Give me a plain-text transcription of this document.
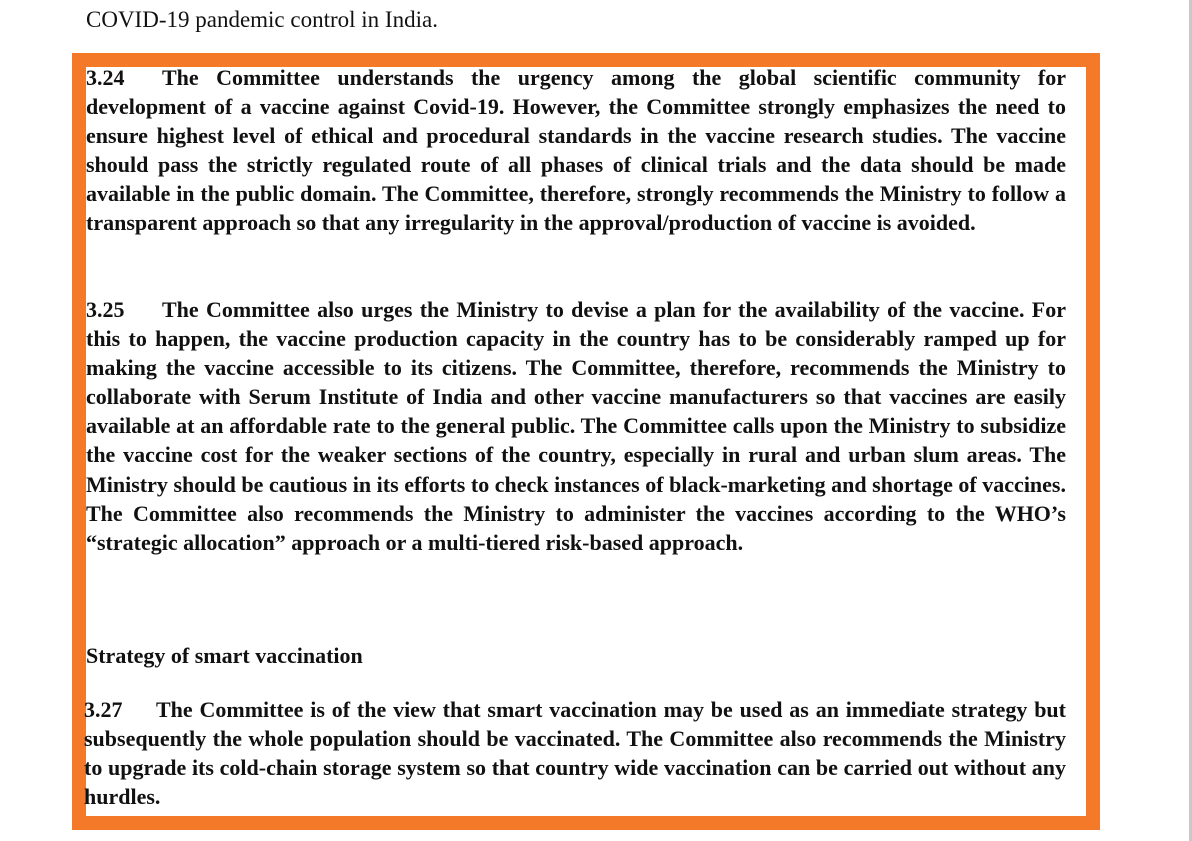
COVID-19 pandemic control in India.

3.24 The Committee understands the urgency among the global scientific community for development of a vaccine against Covid-19. However, the Committee strongly emphasizes the need to ensure highest level of ethical and procedural standards in the vaccine research studies. The vaccine should pass the strictly regulated route of all phases of clinical trials and the data should be made available in the public domain. The Committee, therefore, strongly recommends the Ministry to follow a transparent approach so that any irregularity in the approval/production of vaccine is avoided.

3.25 The Committee also urges the Ministry to devise a plan for the availability of the vaccine. For this to happen, the vaccine production capacity in the country has to be considerably ramped up for making the vaccine accessible to its citizens. The Committee, therefore, recommends the Ministry to collaborate with Serum Institute of India and other vaccine manufacturers so that vaccines are easily available at an affordable rate to the general public. The Committee calls upon the Ministry to subsidize the vaccine cost for the weaker sections of the country, especially in rural and urban slum areas. The Ministry should be cautious in its efforts to check instances of black-marketing and shortage of vaccines. The Committee also recommends the Ministry to administer the vaccines according to the WHO’s “strategic allocation” approach or a multi-tiered risk-based approach.

Strategy of smart vaccination

3.27 The Committee is of the view that smart vaccination may be used as an immediate strategy but subsequently the whole population should be vaccinated. The Committee also recommends the Ministry to upgrade its cold-chain storage system so that country wide vaccination can be carried out without any hurdles.
